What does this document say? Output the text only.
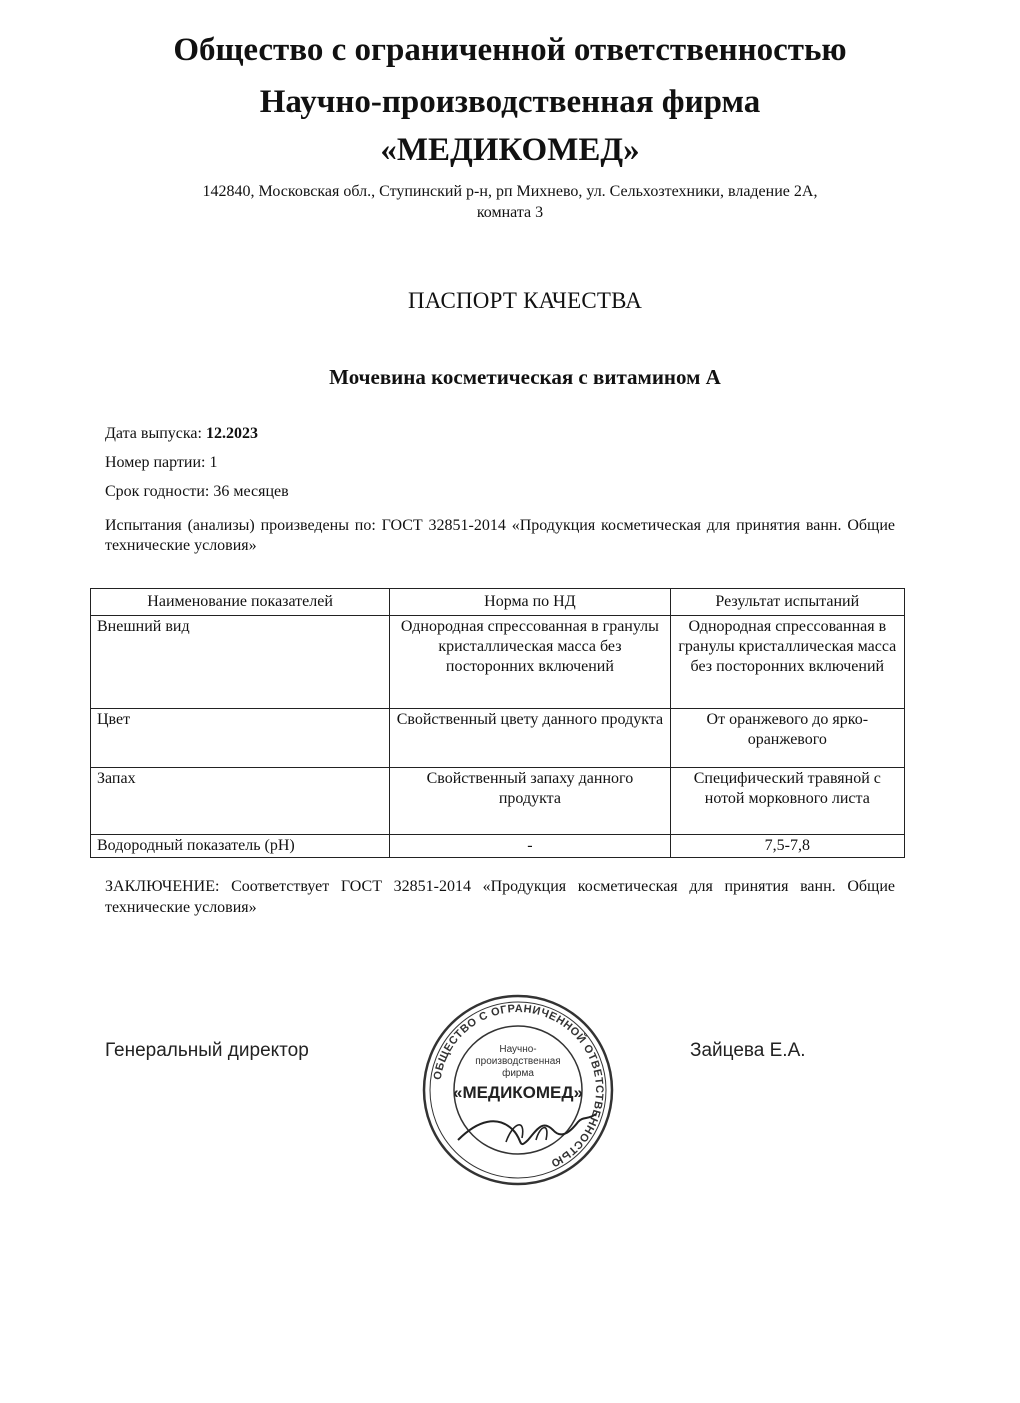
Общество с ограниченной ответственностью
Научно-производственная фирма
«МЕДИКОМЕД»
142840, Московская обл., Ступинский р-н, рп Михнево, ул. Сельхозтехники, владение 2А,
комната 3
ПАСПОРТ КАЧЕСТВА
Мочевина косметическая с витамином А
Дата выпуска: 12.2023
Номер партии: 1
Срок годности: 36 месяцев
Испытания (анализы) произведены по: ГОСТ 32851-2014 «Продукция косметическая для принятия ванн. Общие технические условия»
Наименование показателей	Норма по НД	Результат испытаний
Внешний вид	Однородная спрессованная в гранулы кристаллическая масса без посторонних включений	Однородная спрессованная в гранулы кристаллическая масса без посторонних включений
Цвет	Свойственный цвету данного продукта	От оранжевого до ярко-оранжевого
Запах	Свойственный запаху данного продукта	Специфический травяной с нотой морковного листа
Водородный показатель (рН)	-	7,5-7,8
ЗАКЛЮЧЕНИЕ: Соответствует ГОСТ 32851-2014 «Продукция косметическая для принятия ванн. Общие технические условия»
Генеральный директор	Зайцева Е.А.
ОБЩЕСТВО С ОГРАНИЧЕННОЙ ОТВЕТСТВЕННОСТЬЮ
Научно-
производственная
фирма
«МЕДИКОМЕД»
